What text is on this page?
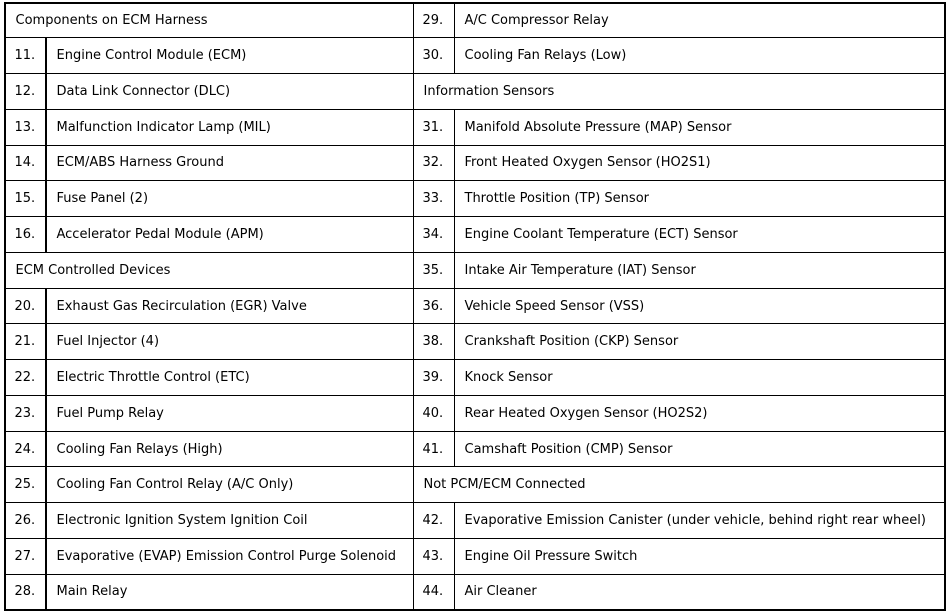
Components on ECM Harness
11.	Engine Control Module (ECM)
12.	Data Link Connector (DLC)
13.	Malfunction Indicator Lamp (MIL)
14.	ECM/ABS Harness Ground
15.	Fuse Panel (2)
16.	Accelerator Pedal Module (APM)
ECM Controlled Devices
20.	Exhaust Gas Recirculation (EGR) Valve
21.	Fuel Injector (4)
22.	Electric Throttle Control (ETC)
23.	Fuel Pump Relay
24.	Cooling Fan Relays (High)
25.	Cooling Fan Control Relay (A/C Only)
26.	Electronic Ignition System Ignition Coil
27.	Evaporative (EVAP) Emission Control Purge Solenoid
28.	Main Relay
29.	A/C Compressor Relay
30.	Cooling Fan Relays (Low)
Information Sensors
31.	Manifold Absolute Pressure (MAP) Sensor
32.	Front Heated Oxygen Sensor (HO2S1)
33.	Throttle Position (TP) Sensor
34.	Engine Coolant Temperature (ECT) Sensor
35.	Intake Air Temperature (IAT) Sensor
36.	Vehicle Speed Sensor (VSS)
38.	Crankshaft Position (CKP) Sensor
39.	Knock Sensor
40.	Rear Heated Oxygen Sensor (HO2S2)
41.	Camshaft Position (CMP) Sensor
Not PCM/ECM Connected
42.	Evaporative Emission Canister (under vehicle, behind right rear wheel)
43.	Engine Oil Pressure Switch
44.	Air Cleaner
